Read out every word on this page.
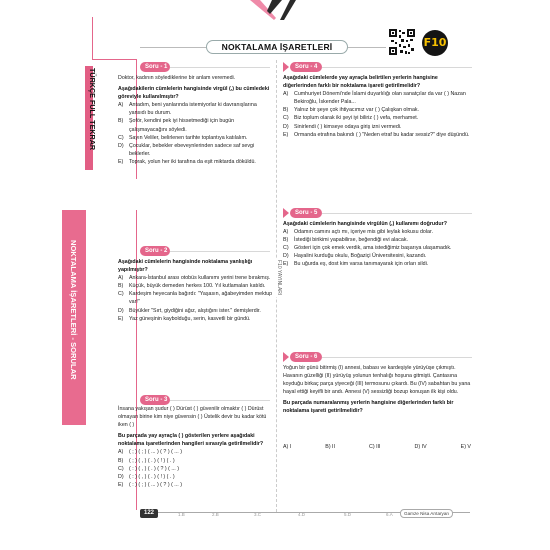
NOKTALAMA İŞARETLERİ	F10
TÜRKÇE FULL TEKRAR
NOKTALAMA İŞARETLERİ - SORULAR	F10 YAYINLARI
Soru - 1

Doktor, kadının söylediklerine bir anlam veremedi.

Aşağıdakilerin cümlelerin hangisinde virgül (,) bu cümledeki göreviyle kullanılmıştır?

A)	Antadım, beni yanlarında istemiyorlar ki davranışlarına yansıdı bu durum.
B)	Şoför, kendini pek iyi hissetmediği için bugün çalışmayacağını söyledi.
C)	Sayın Veliler, belirlenen tarihte toplantıya katılalım.
D)	Çocuklar, bebekler ebeveynlerinden sadece saf sevgi beklerler.
E)	Toprak, yolun her iki tarafına da eşit miktarda döküldü.
Soru - 2

Aşağıdaki cümlelerin hangisinde noktalama yanlışlığı yapılmıştır?

A)	Ankara-İstanbul arası otobüs kullanımı yerini trene bırakmış.
B)	Küçük, büyük demeden herkes 100. Yıl kutlamaları katıldı.
C)	Kardeşim heyecanla bağırdı: "Yaşasın, ağabeyimden mektup var!"
D)	Büyükler "Sırt, giydiğini ağız, alıştığını ister." demişlerdir.
E)	Yaz güneşinin kaybolduğu, serin, kasvetli bir gündü.
Soru - 3

İnsana yakışan şudur ( ) Dürüst ( ) güvenilir olmaktır ( ) Dürüst olmayan birine kim niye güvensin ( ) Üstelik devir bu kadar kötü iken ( )

Bu parçada yay ayraçla ( ) gösterilen yerlere aşağıdaki noktalama işaretlerinden hangileri sırasıyla getirilmelidir?

A)	( ; ) ( ; ) ( ... ) ( ? ) ( ... )
B)	( ; ) ( , ) ( . ) ( ! ) ( . )
C)	( : ) ( , ) ( . ) ( ? ) ( ... )
D)	( : ) ( , ) ( . ) ( ! ) ( . )
E)	( : ) ( ; ) ( ... ) ( ? ) ( ... )
Soru - 4

Aşağıdaki cümlelerde yay ayraçla belirtilen yerlerin hangisine diğerlerinden farklı bir noktalama işareti getirilmelidir?

A)	Cumhuriyet Dönemi'nde İslami duyarlılığı olan sanatçılar da var ( ) Nazan Bekiroğlu, İskender Pala...
B)	Yalnız bir şeye çok ihtiyacımız var ( ) Çalışkan olmak.
C)	Biz toplum olarak iki şeyi iyi biliriz ( ) vefa, merhamet.
D)	Sinirlendi ( ) kimseye odaya giriş izni vermedi.
E)	Ormanda etrafına bakındı ( ) "Neden etraf bu kadar sessiz?" diye düşündü.
Soru - 5

Aşağıdaki cümlelerin hangisinde virgülün (,) kullanımı doğrudur?

A)	Odamın camını açtı mı, içeriye mis gibi leylak kokusu dolar.
B)	İstediği birikimi yapabilirse, beğendiği evi alacak.
C)	Gösteri için çok emek verdik, ama istediğimiz başarıya ulaşamadık.
D)	Hayalini kurduğu okulu, Boğaziçi Üniversitesini, kazandı.
E)	Bu uğurda eş, dost kim varsa tanımayarak için orları sildi.
Soru - 6

Yoğun bir günü bitirmiş (I) annesi, babası ve kardeşiyle yürüyüşe çıkmıştı. Havanın güzelliği (II) yürüyüş yolunun tenhalığı hoşuna gitmişti. Çantasına koyduğu birkaç parça yiyeceği (III) termosunu çıkardı. Bu (IV) sabahtan bu yana hayal ettiği keyifli bir andı. Annesi (V) sessizliği bozup konuşan ilk kişi oldu.

Bu parçada numaralanmış yerlerin hangisine diğerlerinden farklı bir noktalama işareti getirilmelidir?

A) I	B) II	C) III	D) IV	E) V
122	1.B	2.B	3.C	4.D	5.D	6.A	Gamze Nisa Arıtaryan
